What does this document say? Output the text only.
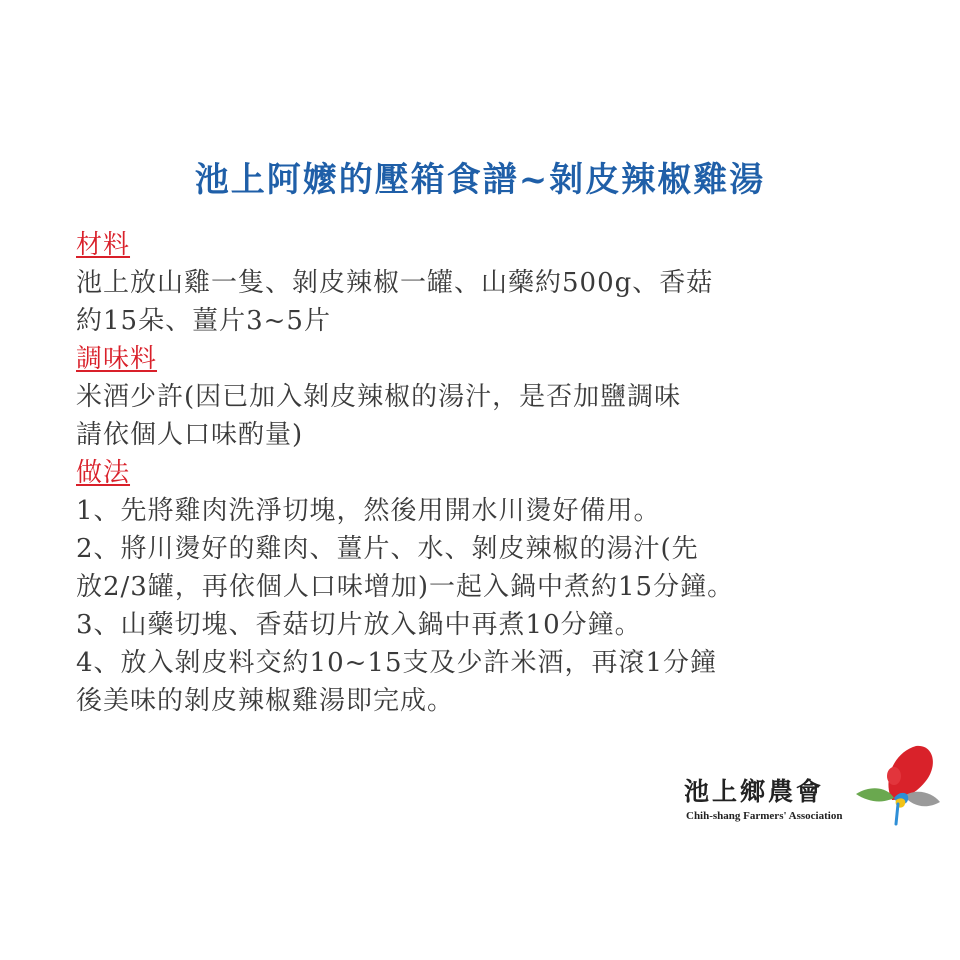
池上阿嬤的壓箱食譜~剝皮辣椒雞湯
材料
池上放山雞一隻、剝皮辣椒一罐、山藥約500g、香菇
約15朵、薑片3~5片
調味料
米酒少許(因已加入剝皮辣椒的湯汁，是否加鹽調味
請依個人口味酌量)
做法
1、先將雞肉洗淨切塊，然後用開水川燙好備用。
2、將川燙好的雞肉、薑片、水、剝皮辣椒的湯汁(先
放2/3罐，再依個人口味增加)一起入鍋中煮約15分鐘。
3、山藥切塊、香菇切片放入鍋中再煮10分鐘。
4、放入剝皮料交約10~15支及少許米酒，再滾1分鐘
後美味的剝皮辣椒雞湯即完成。
池上鄉農會
Chih-shang Farmers' Association
